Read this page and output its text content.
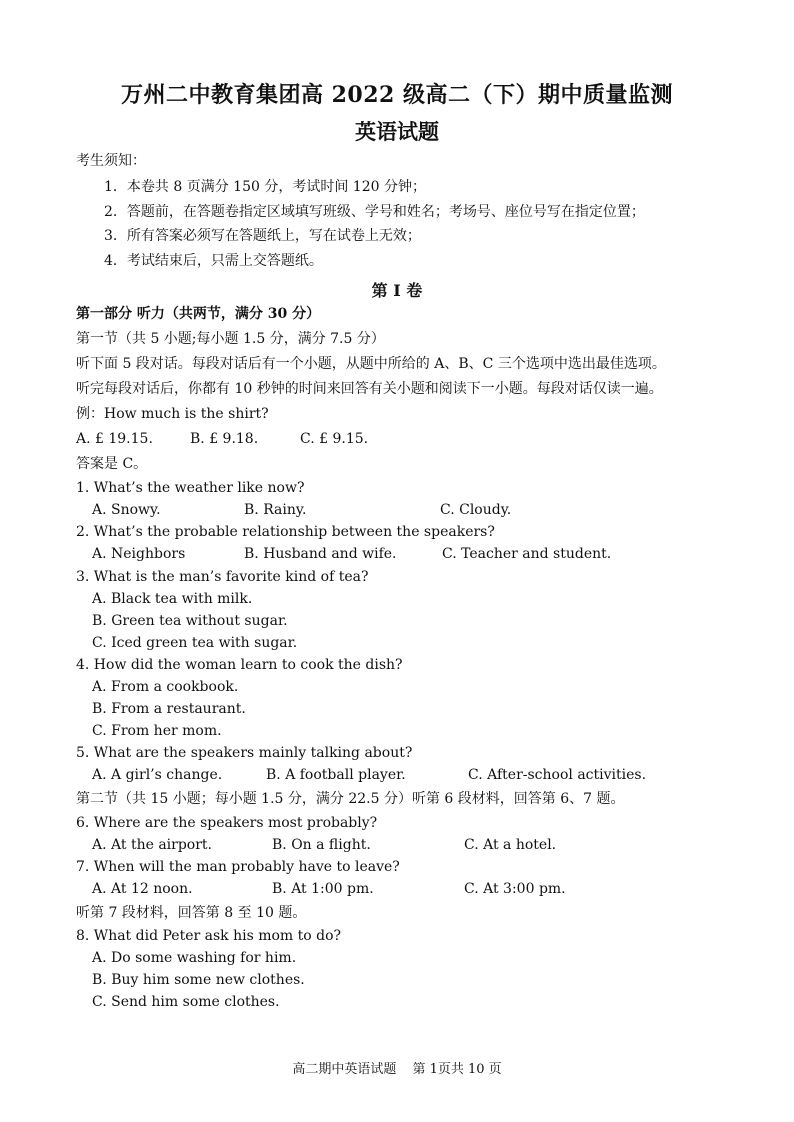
万州二中教育集团高 2022 级高二（下）期中质量监测
英语试题
考生须知：
1．本卷共 8 页满分 150 分，考试时间 120 分钟；
2．答题前，在答题卷指定区域填写班级、学号和姓名；考场号、座位号写在指定位置；
3．所有答案必须写在答题纸上，写在试卷上无效；
4．考试结束后，只需上交答题纸。
第 I 卷
第一部分 听力（共两节，满分 30 分）
第一节（共 5 小题;每小题 1.5 分，满分 7.5 分）
听下面 5 段对话。每段对话后有一个小题，从题中所给的 A、B、C 三个选项中选出最佳选项。
听完每段对话后，你都有 10 秒钟的时间来回答有关小题和阅读下一小题。每段对话仅读一遍。
例：How much is the shirt?
A. £ 19.15.	B. £ 9.18.	C. £ 9.15.
答案是 C。
1. What’s the weather like now?
A. Snowy.	B. Rainy.	C. Cloudy.
2. What’s the probable relationship between the speakers?
A. Neighbors	B. Husband and wife.	C. Teacher and student.
3. What is the man’s favorite kind of tea?
A. Black tea with milk.
B. Green tea without sugar.
C. Iced green tea with sugar.
4. How did the woman learn to cook the dish?
A. From a cookbook.
B. From a restaurant.
C. From her mom.
5. What are the speakers mainly talking about?
A. A girl’s change.	B. A football player.	C. After-school activities.
第二节（共 15 小题；每小题 1.5 分，满分 22.5 分）听第 6 段材料，回答第 6、7 题。
6. Where are the speakers most probably?
A. At the airport.	B. On a flight.	C. At a hotel.
7. When will the man probably have to leave?
A. At 12 noon.	B. At 1:00 pm.	C. At 3:00 pm.
听第 7 段材料，回答第 8 至 10 题。
8. What did Peter ask his mom to do?
A. Do some washing for him.
B. Buy him some new clothes.
C. Send him some clothes.
高二期中英语试题 第 1页共 10 页
